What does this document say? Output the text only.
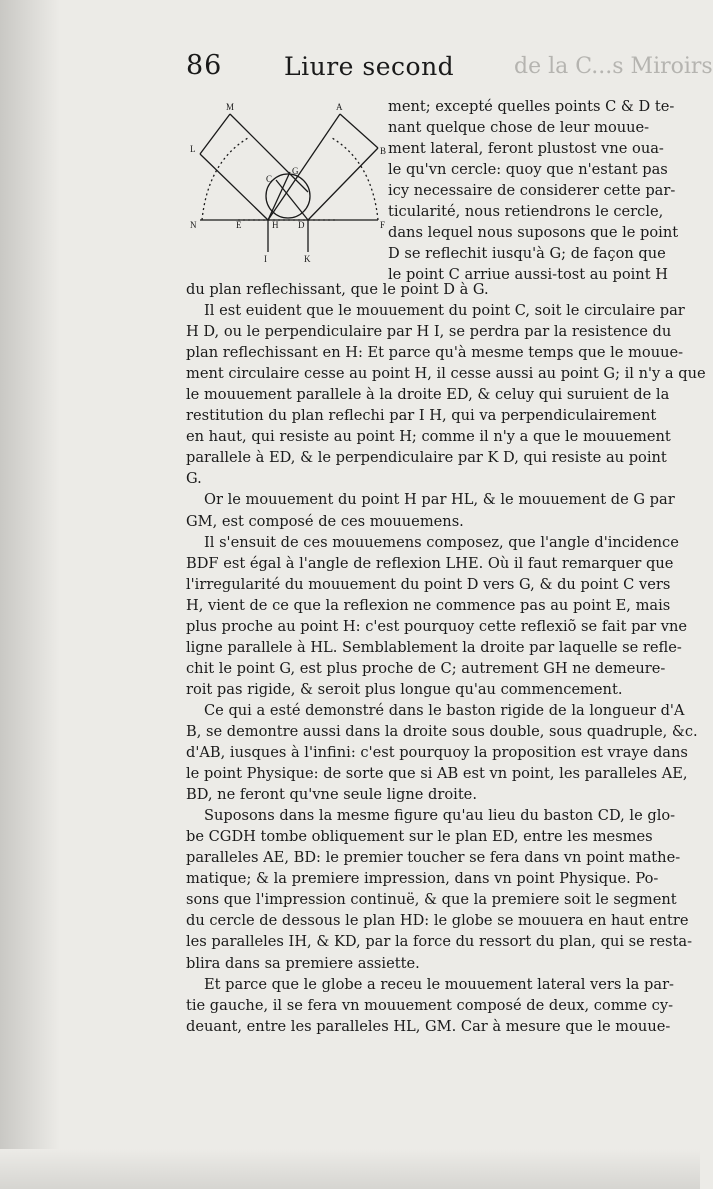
86 Liure second	de la C...s Miroirs
M	A
L	B
C
G
N	E	H D	F
I	K
ment; excepté quelles points C & D te-
nant quelque chose de leur mouue-
ment lateral, feront plustost vne oua-
le qu'vn cercle: quoy que n'estant pas
icy necessaire de considerer cette par-
ticularité, nous retiendrons le cercle,
dans lequel nous suposons que le point
D se reflechit iusqu'à G; de façon que
le point C arriue aussi-tost au point H
du plan reflechissant, que le point D à G.
Il est euident que le mouuement du point C, soit le circulaire par
H D, ou le perpendiculaire par H I, se perdra par la resistence du
plan reflechissant en H: Et parce qu'à mesme temps que le mouue-
ment circulaire cesse au point H, il cesse aussi au point G; il n'y a que
le mouuement parallele à la droite ED, & celuy qui suruient de la
restitution du plan reflechi par I H, qui va perpendiculairement
en haut, qui resiste au point H; comme il n'y a que le mouuement
parallele à ED, & le perpendiculaire par K D, qui resiste au point
G.
Or le mouuement du point H par HL, & le mouuement de G par
GM, est composé de ces mouuemens.
Il s'ensuit de ces mouuemens composez, que l'angle d'incidence
BDF est égal à l'angle de reflexion LHE. Où il faut remarquer que
l'irregularité du mouuement du point D vers G, & du point C vers
H, vient de ce que la reflexion ne commence pas au point E, mais
plus proche au point H: c'est pourquoy cette reflexiõ se fait par vne
ligne parallele à HL. Semblablement la droite par laquelle se refle-
chit le point G, est plus proche de C; autrement GH ne demeure-
roit pas rigide, & seroit plus longue qu'au commencement.
Ce qui a esté demonstré dans le baston rigide de la longueur d'A
B, se demontre aussi dans la droite sous double, sous quadruple, &c.
d'AB, iusques à l'infini: c'est pourquoy la proposition est vraye dans
le point Physique: de sorte que si AB est vn point, les paralleles AE,
BD, ne feront qu'vne seule ligne droite.
Suposons dans la mesme figure qu'au lieu du baston CD, le glo-
be CGDH tombe obliquement sur le plan ED, entre les mesmes
paralleles AE, BD: le premier toucher se fera dans vn point mathe-
matique; & la premiere impression, dans vn point Physique. Po-
sons que l'impression continuë, & que la premiere soit le segment
du cercle de dessous le plan HD: le globe se mouuera en haut entre
les paralleles IH, & KD, par la force du ressort du plan, qui se resta-
blira dans sa premiere assiette.
Et parce que le globe a receu le mouuement lateral vers la par-
tie gauche, il se fera vn mouuement composé de deux, comme cy-
deuant, entre les paralleles HL, GM. Car à mesure que le mouue-
